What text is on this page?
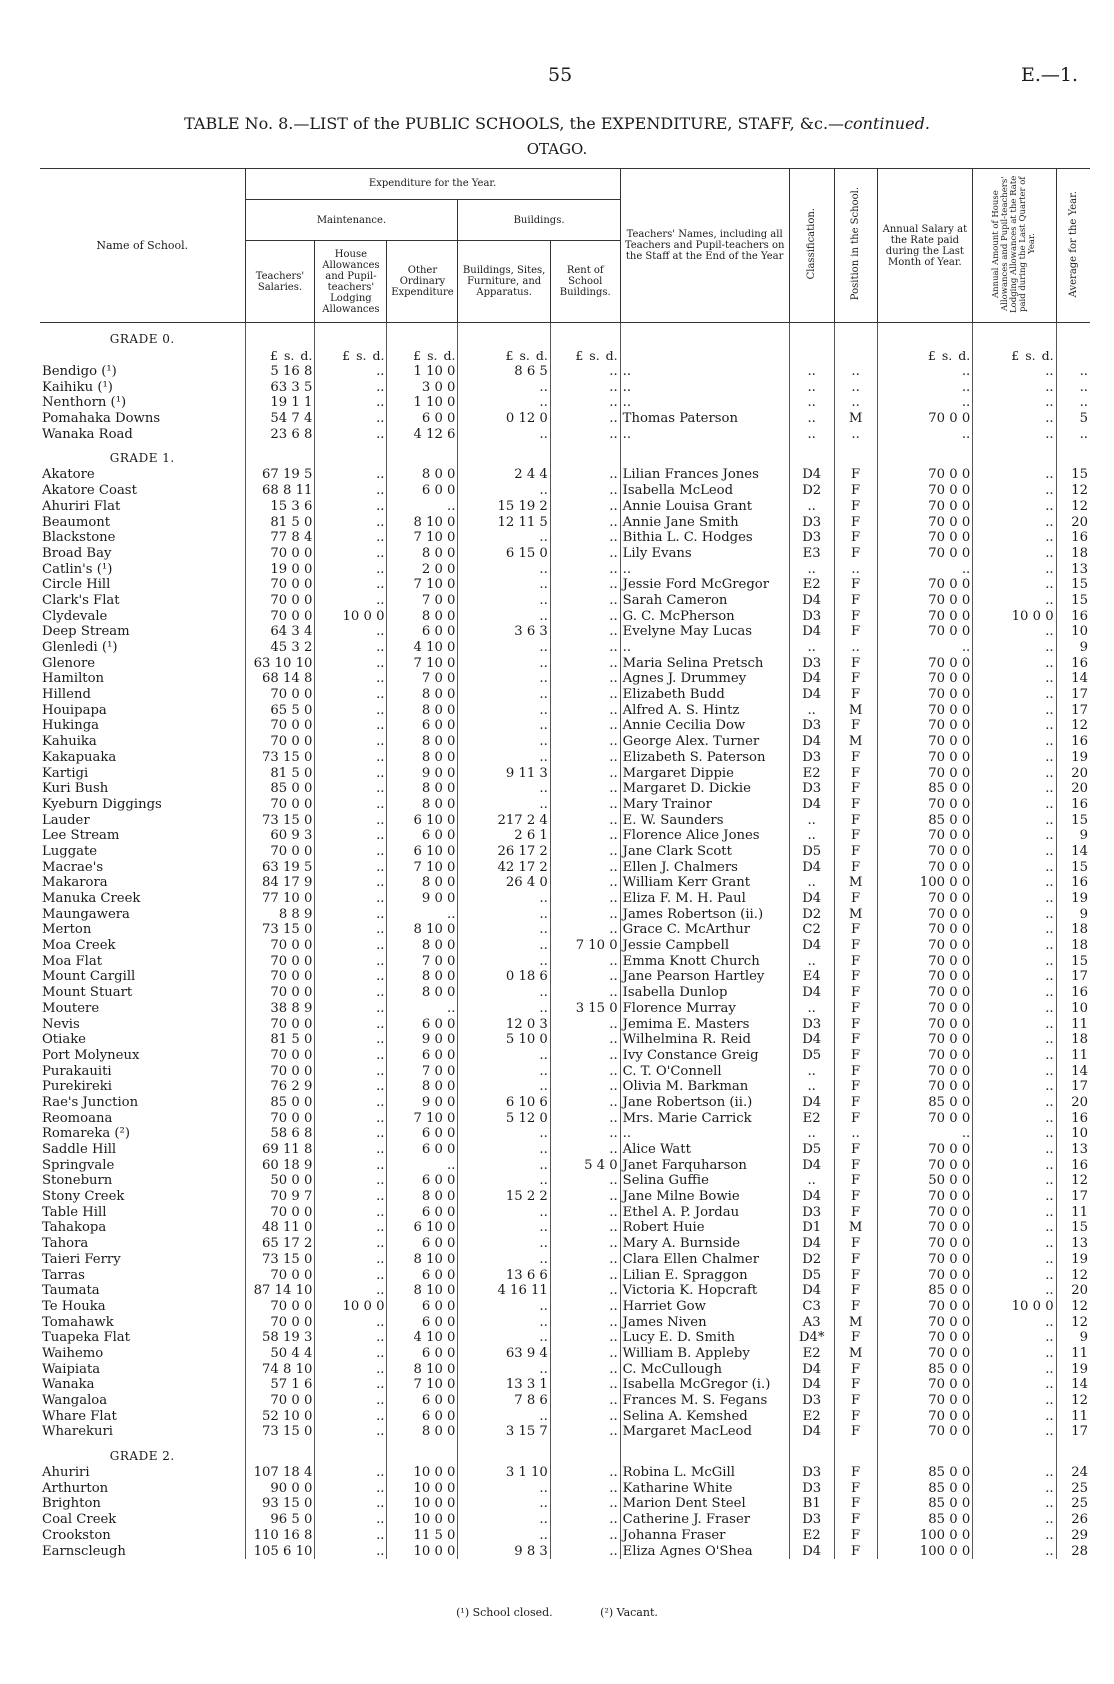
55	E.—1.
TABLE No. 8.—LIST of the PUBLIC SCHOOLS, the EXPENDITURE, STAFF, &c.—continued.
OTAGO.
Name of School.	Expenditure for the Year.					Teachers' Names, including all Teachers and Pupil-teachers on the Staff at the End of the Year	Classification.	Position in the School.	Annual Salary at the Rate paid during the Last Month of Year.	Annual Amount of House Allowances and Pupil-teachers' Lodging Allowances at the Rate paid during the Last Quarter of Year.	Average for the Year.
	Maintenance.			Buildings.							
	Teachers' Salaries.	House Allowances and Pupil-teachers' Lodging Allowances	Other Ordinary Expenditure	Buildings, Sites, Furniture, and Apparatus.	Rent of School Buildings.						
GRADE 0.											
	£ s. d.	£ s. d.	£ s. d.	£ s. d.	£ s. d.				£ s. d.	£ s. d.	
Bendigo (¹)	5 16 8	..	1 10 0	8 6 5	..	..	..	..	..	..	..
Kaihiku (¹)	63 3 5	..	3 0 0	..	..	..	..	..	..	..	..
Nenthorn (¹)	19 1 1	..	1 10 0	..	..	..	..	..	..	..	..
Pomahaka Downs	54 7 4	..	6 0 0	0 12 0	..	Thomas Paterson	..	M	70 0 0	..	5
Wanaka Road	23 6 8	..	4 12 6	..	..	..	..	..	..	..	..
GRADE 1.											
Akatore	67 19 5	..	8 0 0	2 4 4	..	Lilian Frances Jones	D4	F	70 0 0	..	15
Akatore Coast	68 8 11	..	6 0 0	..	..	Isabella McLeod	D2	F	70 0 0	..	12
Ahuriri Flat	15 3 6	..	..	15 19 2	..	Annie Louisa Grant	..	F	70 0 0	..	12
Beaumont	81 5 0	..	8 10 0	12 11 5	..	Annie Jane Smith	D3	F	70 0 0	..	20
Blackstone	77 8 4	..	7 10 0	..	..	Bithia L. C. Hodges	D3	F	70 0 0	..	16
Broad Bay	70 0 0	..	8 0 0	6 15 0	..	Lily Evans	E3	F	70 0 0	..	18
Catlin's (¹)	19 0 0	..	2 0 0	..	..	..	..	..	..	..	13
Circle Hill	70 0 0	..	7 10 0	..	..	Jessie Ford McGregor	E2	F	70 0 0	..	15
Clark's Flat	70 0 0	..	7 0 0	..	..	Sarah Cameron	D4	F	70 0 0	..	15
Clydevale	70 0 0	10 0 0	8 0 0	..	..	G. C. McPherson	D3	F	70 0 0	10 0 0	16
Deep Stream	64 3 4	..	6 0 0	3 6 3	..	Evelyne May Lucas	D4	F	70 0 0	..	10
Glenledi (¹)	45 3 2	..	4 10 0	..	..	..	..	..	..	..	9
Glenore	63 10 10	..	7 10 0	..	..	Maria Selina Pretsch	D3	F	70 0 0	..	16
Hamilton	68 14 8	..	7 0 0	..	..	Agnes J. Drummey	D4	F	70 0 0	..	14
Hillend	70 0 0	..	8 0 0	..	..	Elizabeth Budd	D4	F	70 0 0	..	17
Houipapa	65 5 0	..	8 0 0	..	..	Alfred A. S. Hintz	..	M	70 0 0	..	17
Hukinga	70 0 0	..	6 0 0	..	..	Annie Cecilia Dow	D3	F	70 0 0	..	12
Kahuika	70 0 0	..	8 0 0	..	..	George Alex. Turner	D4	M	70 0 0	..	16
Kakapuaka	73 15 0	..	8 0 0	..	..	Elizabeth S. Paterson	D3	F	70 0 0	..	19
Kartigi	81 5 0	..	9 0 0	9 11 3	..	Margaret Dippie	E2	F	70 0 0	..	20
Kuri Bush	85 0 0	..	8 0 0	..	..	Margaret D. Dickie	D3	F	85 0 0	..	20
Kyeburn Diggings	70 0 0	..	8 0 0	..	..	Mary Trainor	D4	F	70 0 0	..	16
Lauder	73 15 0	..	6 10 0	217 2 4	..	E. W. Saunders	..	F	85 0 0	..	15
Lee Stream	60 9 3	..	6 0 0	2 6 1	..	Florence Alice Jones	..	F	70 0 0	..	9
Luggate	70 0 0	..	6 10 0	26 17 2	..	Jane Clark Scott	D5	F	70 0 0	..	14
Macrae's	63 19 5	..	7 10 0	42 17 2	..	Ellen J. Chalmers	D4	F	70 0 0	..	15
Makarora	84 17 9	..	8 0 0	26 4 0	..	William Kerr Grant	..	M	100 0 0	..	16
Manuka Creek	77 10 0	..	9 0 0	..	..	Eliza F. M. H. Paul	D4	F	70 0 0	..	19
Maungawera	8 8 9	..	..	..	..	James Robertson (ii.)	D2	M	70 0 0	..	9
Merton	73 15 0	..	8 10 0	..	..	Grace C. McArthur	C2	F	70 0 0	..	18
Moa Creek	70 0 0	..	8 0 0	..	7 10 0	Jessie Campbell	D4	F	70 0 0	..	18
Moa Flat	70 0 0	..	7 0 0	..	..	Emma Knott Church	..	F	70 0 0	..	15
Mount Cargill	70 0 0	..	8 0 0	0 18 6	..	Jane Pearson Hartley	E4	F	70 0 0	..	17
Mount Stuart	70 0 0	..	8 0 0	..	..	Isabella Dunlop	D4	F	70 0 0	..	16
Moutere	38 8 9	..	..	..	3 15 0	Florence Murray	..	F	70 0 0	..	10
Nevis	70 0 0	..	6 0 0	12 0 3	..	Jemima E. Masters	D3	F	70 0 0	..	11
Otiake	81 5 0	..	9 0 0	5 10 0	..	Wilhelmina R. Reid	D4	F	70 0 0	..	18
Port Molyneux	70 0 0	..	6 0 0	..	..	Ivy Constance Greig	D5	F	70 0 0	..	11
Purakauiti	70 0 0	..	7 0 0	..	..	C. T. O'Connell	..	F	70 0 0	..	14
Purekireki	76 2 9	..	8 0 0	..	..	Olivia M. Barkman	..	F	70 0 0	..	17
Rae's Junction	85 0 0	..	9 0 0	6 10 6	..	Jane Robertson (ii.)	D4	F	85 0 0	..	20
Reomoana	70 0 0	..	7 10 0	5 12 0	..	Mrs. Marie Carrick	E2	F	70 0 0	..	16
Romareka (²)	58 6 8	..	6 0 0	..	..	..	..	..	..	..	10
Saddle Hill	69 11 8	..	6 0 0	..	..	Alice Watt	D5	F	70 0 0	..	13
Springvale	60 18 9	..	..	..	5 4 0	Janet Farquharson	D4	F	70 0 0	..	16
Stoneburn	50 0 0	..	6 0 0	..	..	Selina Guffie	..	F	50 0 0	..	12
Stony Creek	70 9 7	..	8 0 0	15 2 2	..	Jane Milne Bowie	D4	F	70 0 0	..	17
Table Hill	70 0 0	..	6 0 0	..	..	Ethel A. P. Jordau	D3	F	70 0 0	..	11
Tahakopa	48 11 0	..	6 10 0	..	..	Robert Huie	D1	M	70 0 0	..	15
Tahora	65 17 2	..	6 0 0	..	..	Mary A. Burnside	D4	F	70 0 0	..	13
Taieri Ferry	73 15 0	..	8 10 0	..	..	Clara Ellen Chalmer	D2	F	70 0 0	..	19
Tarras	70 0 0	..	6 0 0	13 6 6	..	Lilian E. Spraggon	D5	F	70 0 0	..	12
Taumata	87 14 10	..	8 10 0	4 16 11	..	Victoria K. Hopcraft	D4	F	85 0 0	..	20
Te Houka	70 0 0	10 0 0	6 0 0	..	..	Harriet Gow	C3	F	70 0 0	10 0 0	12
Tomahawk	70 0 0	..	6 0 0	..	..	James Niven	A3	M	70 0 0	..	12
Tuapeka Flat	58 19 3	..	4 10 0	..	..	Lucy E. D. Smith	D4*	F	70 0 0	..	9
Waihemo	50 4 4	..	6 0 0	63 9 4	..	William B. Appleby	E2	M	70 0 0	..	11
Waipiata	74 8 10	..	8 10 0	..	..	C. McCullough	D4	F	85 0 0	..	19
Wanaka	57 1 6	..	7 10 0	13 3 1	..	Isabella McGregor (i.)	D4	F	70 0 0	..	14
Wangaloa	70 0 0	..	6 0 0	7 8 6	..	Frances M. S. Fegans	D3	F	70 0 0	..	12
Whare Flat	52 10 0	..	6 0 0	..	..	Selina A. Kemshed	E2	F	70 0 0	..	11
Wharekuri	73 15 0	..	8 0 0	3 15 7	..	Margaret MacLeod	D4	F	70 0 0	..	17
GRADE 2.											
Ahuriri	107 18 4	..	10 0 0	3 1 10	..	Robina L. McGill	D3	F	85 0 0	..	24
Arthurton	90 0 0	..	10 0 0	..	..	Katharine White	D3	F	85 0 0	..	25
Brighton	93 15 0	..	10 0 0	..	..	Marion Dent Steel	B1	F	85 0 0	..	25
Coal Creek	96 5 0	..	10 0 0	..	..	Catherine J. Fraser	D3	F	85 0 0	..	26
Crookston	110 16 8	..	11 5 0	..	..	Johanna Fraser	E2	F	100 0 0	..	29
Earnscleugh	105 6 10	..	10 0 0	9 8 3	..	Eliza Agnes O'Shea	D4	F	100 0 0	..	28
(¹) School closed.	(²) Vacant.
